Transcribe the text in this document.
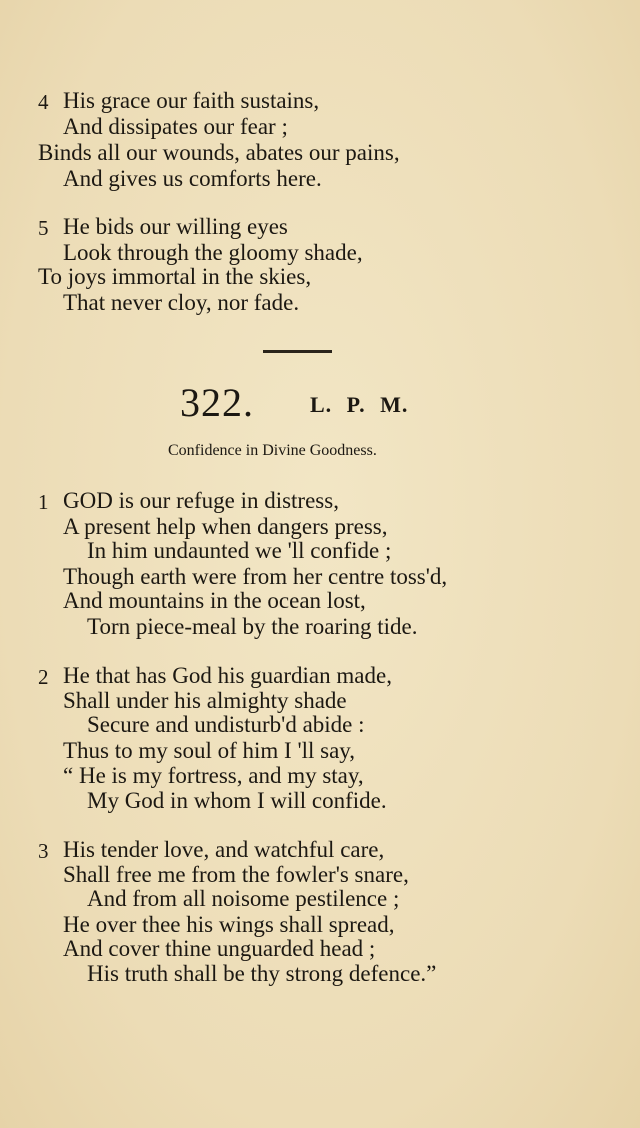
4 His grace our faith sustains,
And dissipates our fear ;
Binds all our wounds, abates our pains,
And gives us comforts here.
5 He bids our willing eyes
Look through the gloomy shade,
To joys immortal in the skies,
That never cloy, nor fade.
322.	L. P. M.
Confidence in Divine Goodness.
1 GOD is our refuge in distress,
A present help when dangers press,
In him undaunted we 'll confide ;
Though earth were from her centre toss'd,
And mountains in the ocean lost,
Torn piece-meal by the roaring tide.
2 He that has God his guardian made,
Shall under his almighty shade
Secure and undisturb'd abide :
Thus to my soul of him I 'll say,
“ He is my fortress, and my stay,
My God in whom I will confide.
3 His tender love, and watchful care,
Shall free me from the fowler's snare,
And from all noisome pestilence ;
He over thee his wings shall spread,
And cover thine unguarded head ;
His truth shall be thy strong defence.”
